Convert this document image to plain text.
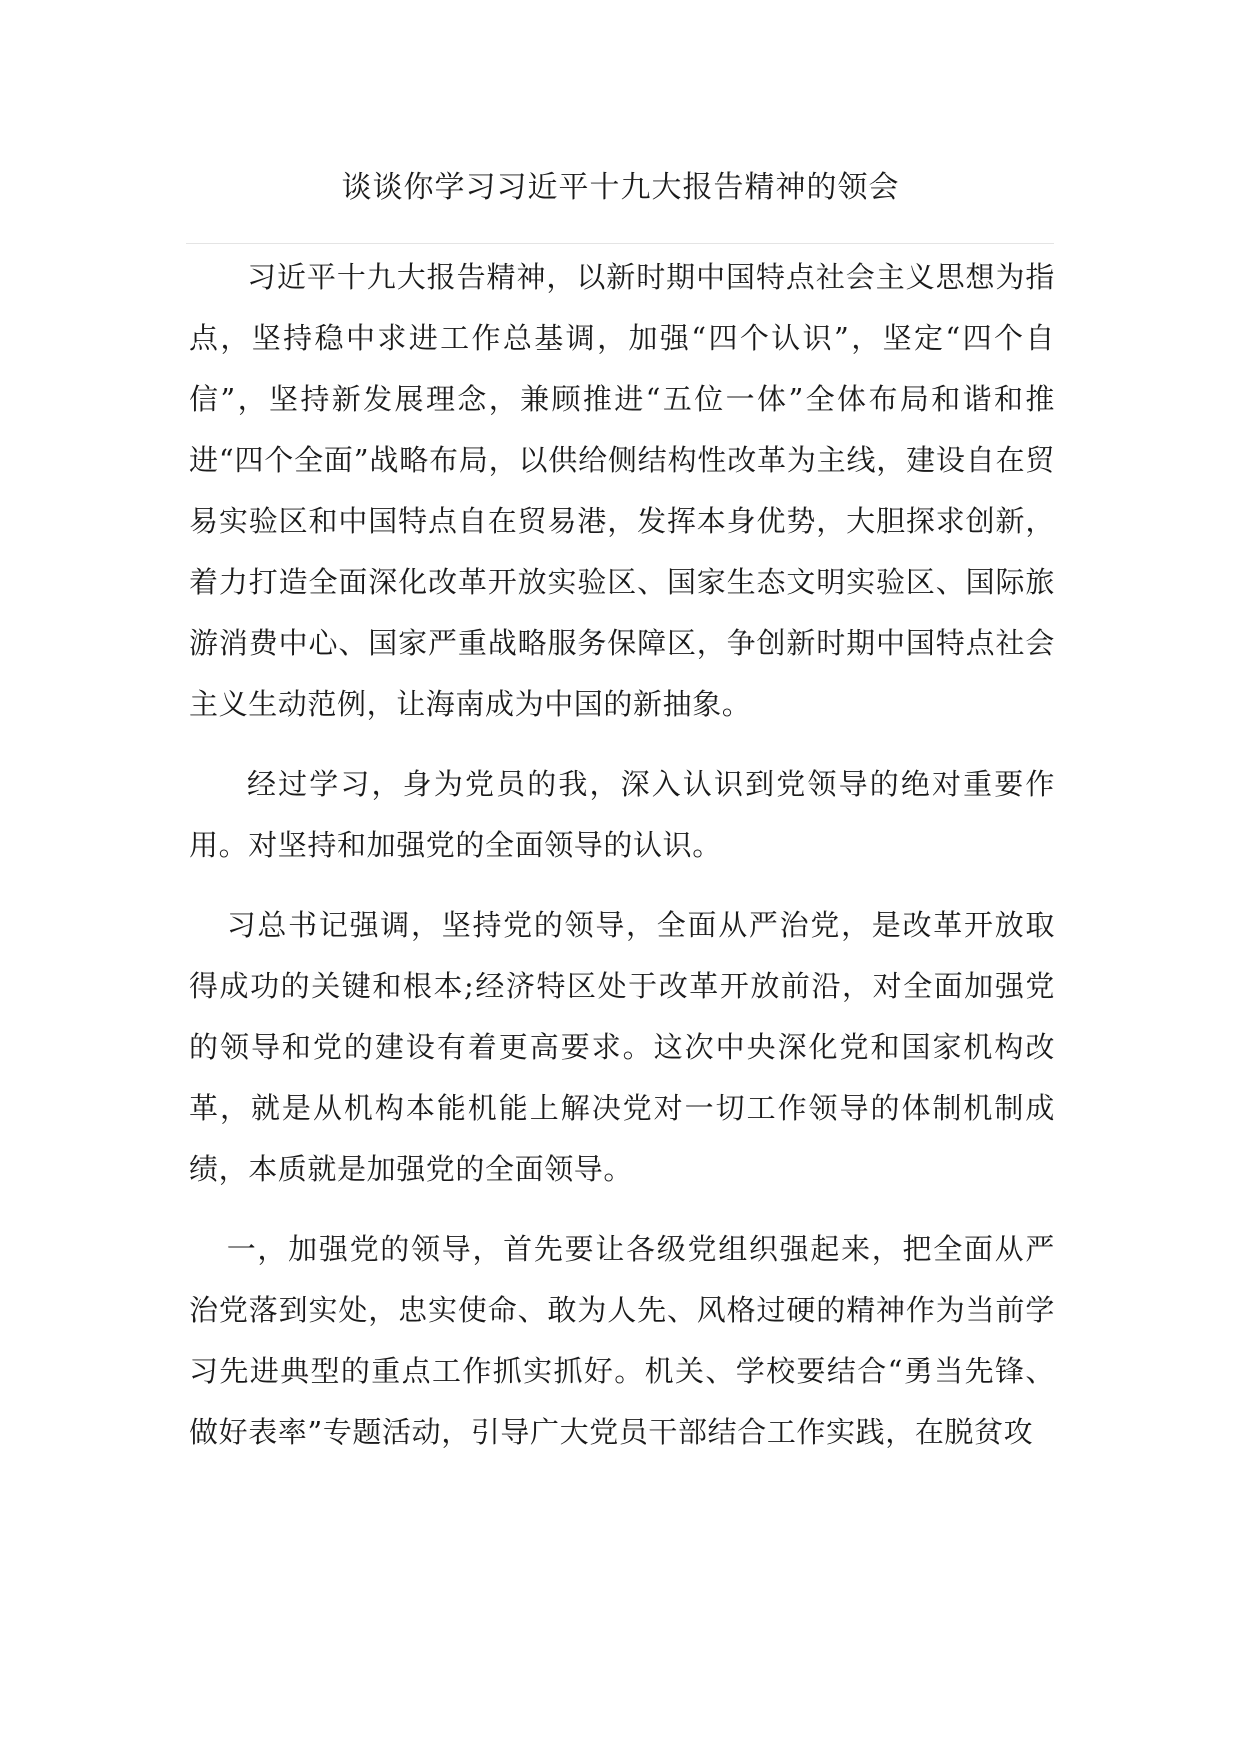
谈谈你学习习近平十九大报告精神的领会

习近平十九大报告精神，以新时期中国特点社会主义思想为指点，坚持稳中求进工作总基调，加强“四个认识”，坚定“四个自信”，坚持新发展理念，兼顾推进“五位一体”全体布局和谐和推进“四个全面”战略布局，以供给侧结构性改革为主线，建设自在贸易实验区和中国特点自在贸易港，发挥本身优势，大胆探求创新，着力打造全面深化改革开放实验区、国家生态文明实验区、国际旅游消费中心、国家严重战略服务保障区，争创新时期中国特点社会主义生动范例，让海南成为中国的新抽象。

经过学习，身为党员的我，深入认识到党领导的绝对重要作用。对坚持和加强党的全面领导的认识。

习总书记强调，坚持党的领导，全面从严治党，是改革开放取得成功的关键和根本;经济特区处于改革开放前沿，对全面加强党的领导和党的建设有着更高要求。这次中央深化党和国家机构改革，就是从机构本能机能上解决党对一切工作领导的体制机制成绩，本质就是加强党的全面领导。

一，加强党的领导，首先要让各级党组织强起来，把全面从严治党落到实处，忠实使命、敢为人先、风格过硬的精神作为当前学习先进典型的重点工作抓实抓好。机关、学校要结合“勇当先锋、做好表率”专题活动，引导广大党员干部结合工作实践，在脱贫攻
